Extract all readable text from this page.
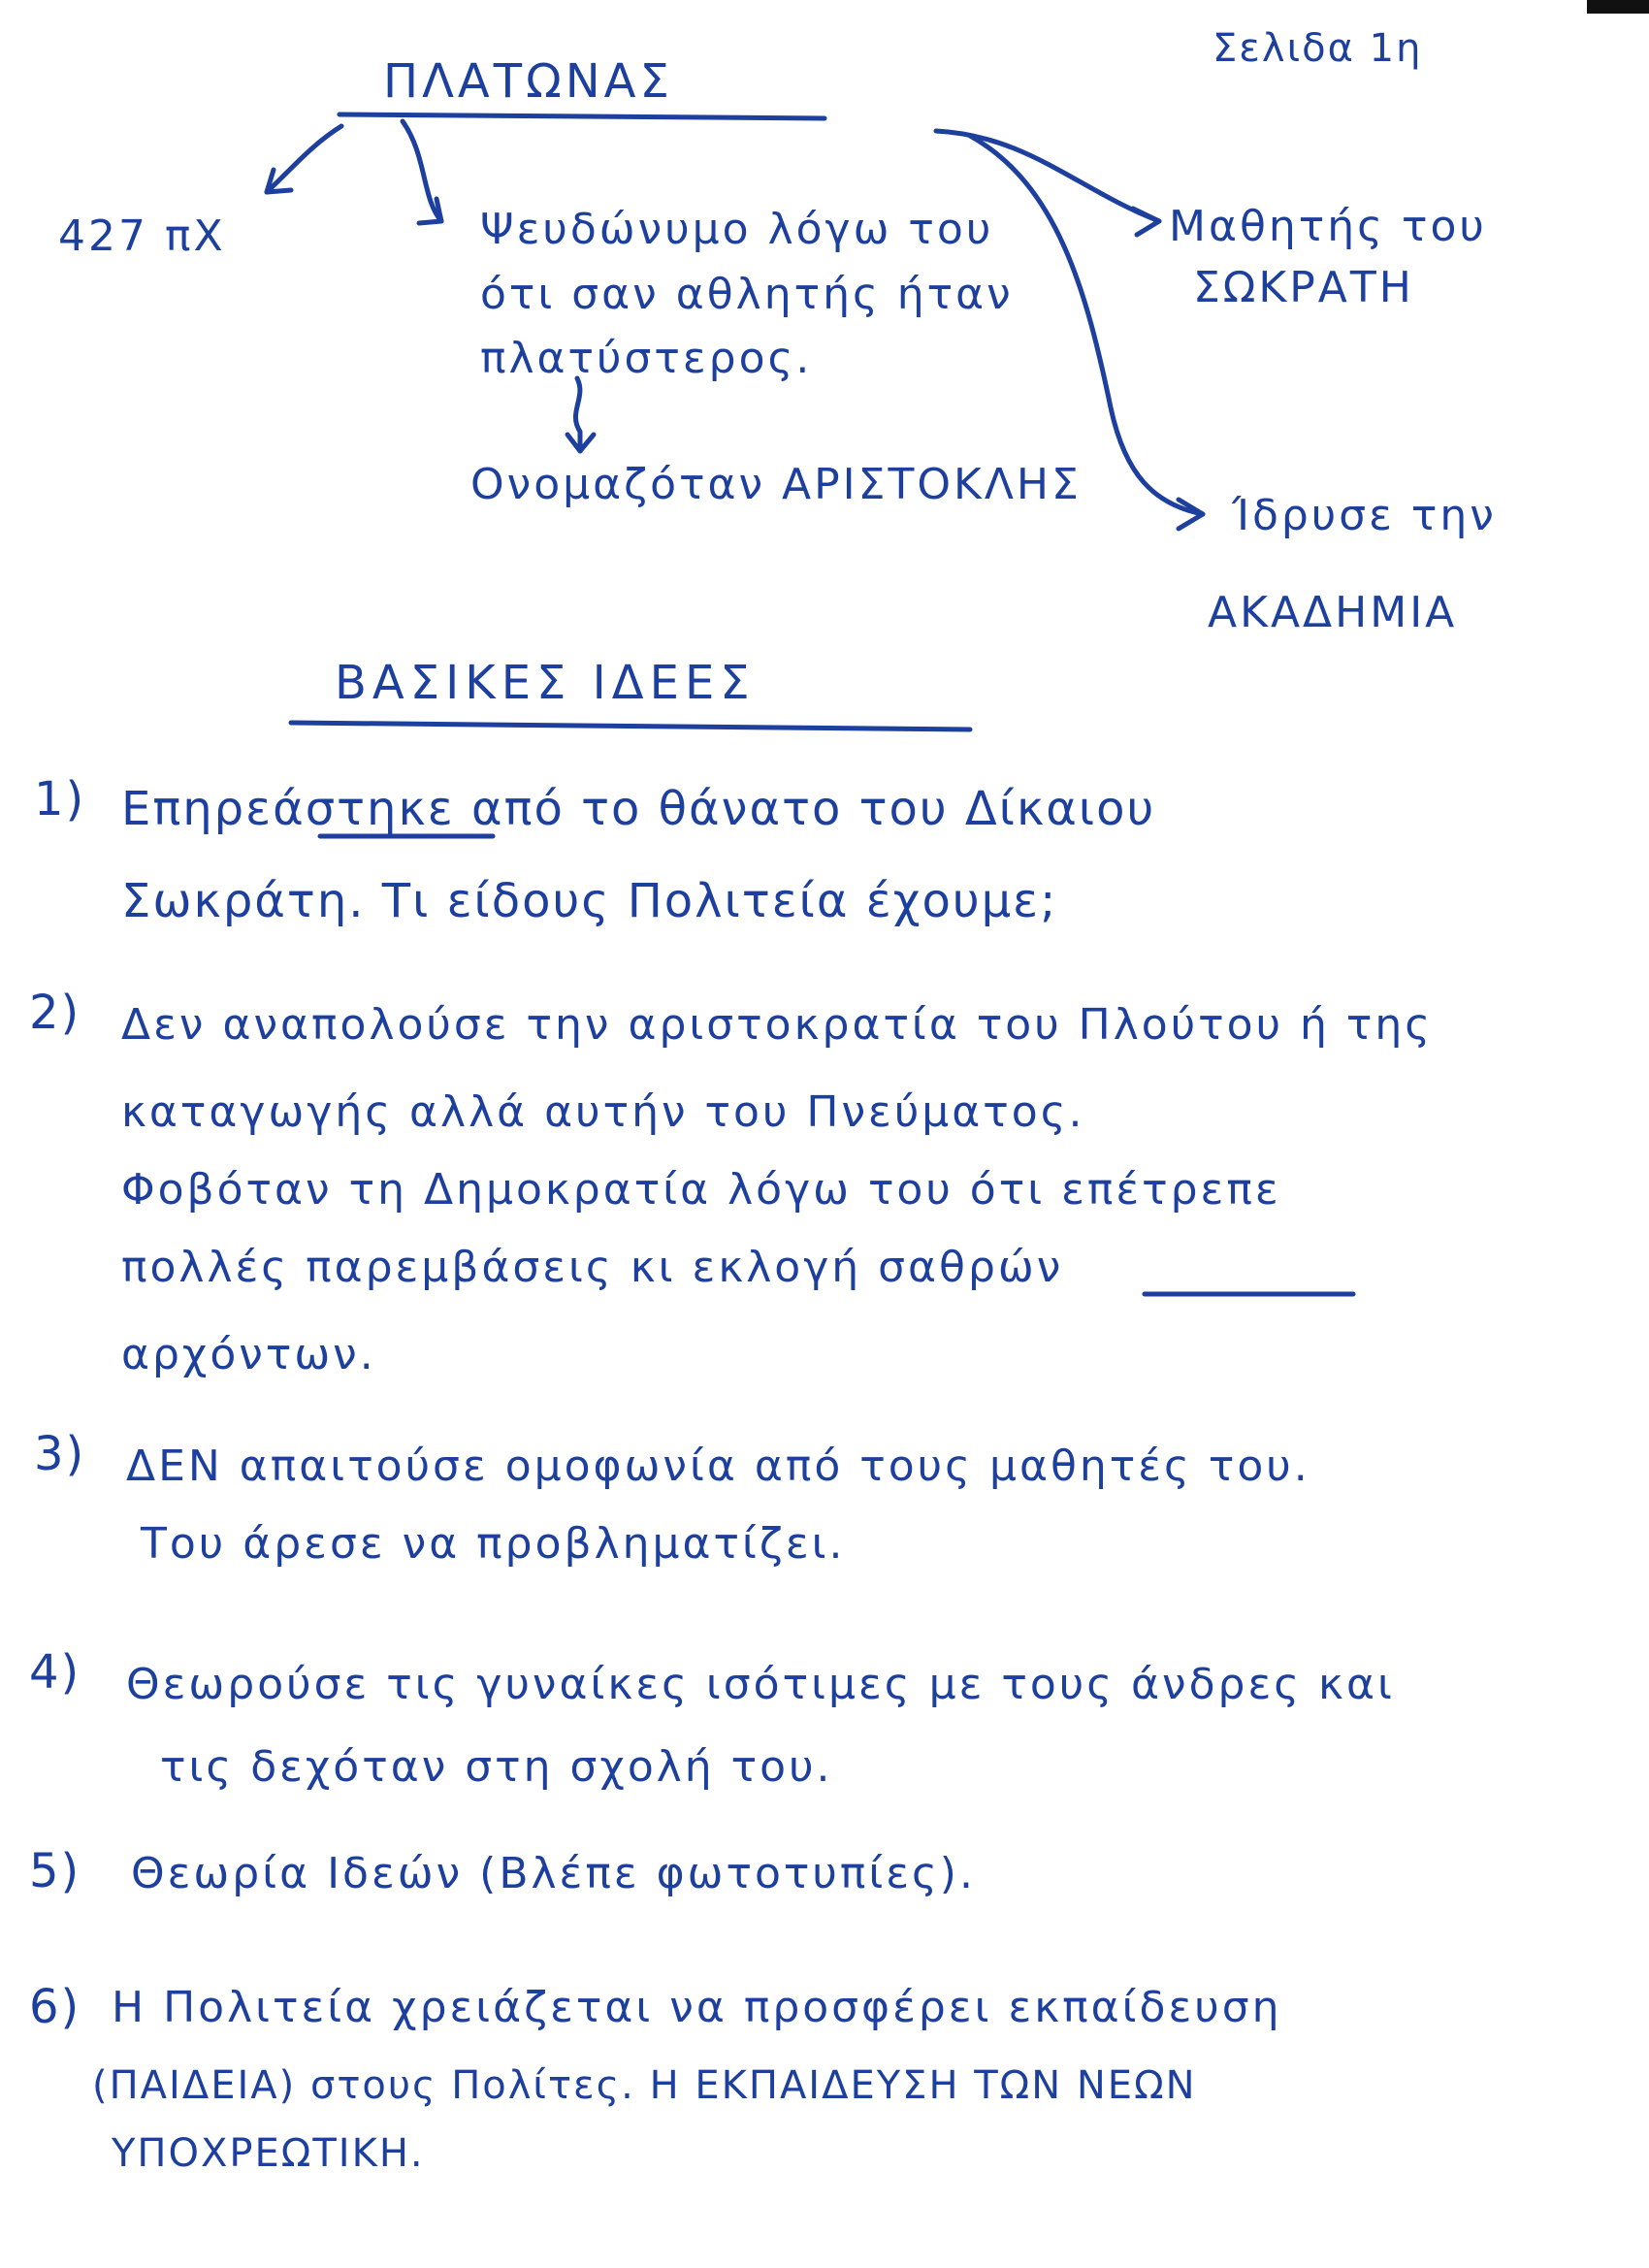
Σελιδα 1η
ΠΛΑΤΩΝΑΣ
427 πΧ	Ψευδώνυμο λόγω του
ότι σαν αθλητής ήταν
πλατύστερος.
Ονομαζόταν ΑΡΙΣΤΟΚΛΗΣ
Μαθητής του
ΣΩΚΡΑΤΗ
Ίδρυσε την
ΑΚΑΔΗΜΙΑ
ΒΑΣΙΚΕΣ ΙΔΕΕΣ
1) Επηρεάστηκε από το θάνατο του Δίκαιου
Σωκράτη. Τι είδους Πολιτεία έχουμε;
2) Δεν αναπολούσε την αριστοκρατία του Πλούτου ή της
καταγωγής αλλά αυτήν του Πνεύματος.
Φοβόταν τη Δημοκρατία λόγω του ότι επέτρεπε
πολλές παρεμβάσεις κι εκλογή σαθρών
αρχόντων.
3) ΔΕΝ απαιτούσε ομοφωνία από τους μαθητές του.
Του άρεσε να προβληματίζει.
4) Θεωρούσε τις γυναίκες ισότιμες με τους άνδρες και
τις δεχόταν στη σχολή του.
5) Θεωρία Ιδεών (Βλέπε φωτοτυπίες).
6) Η Πολιτεία χρειάζεται να προσφέρει εκπαίδευση
(ΠΑΙΔΕΙΑ) στους Πολίτες. Η ΕΚΠΑΙΔΕΥΣΗ ΤΩΝ ΝΕΩΝ
ΥΠΟΧΡΕΩΤΙΚΗ.
